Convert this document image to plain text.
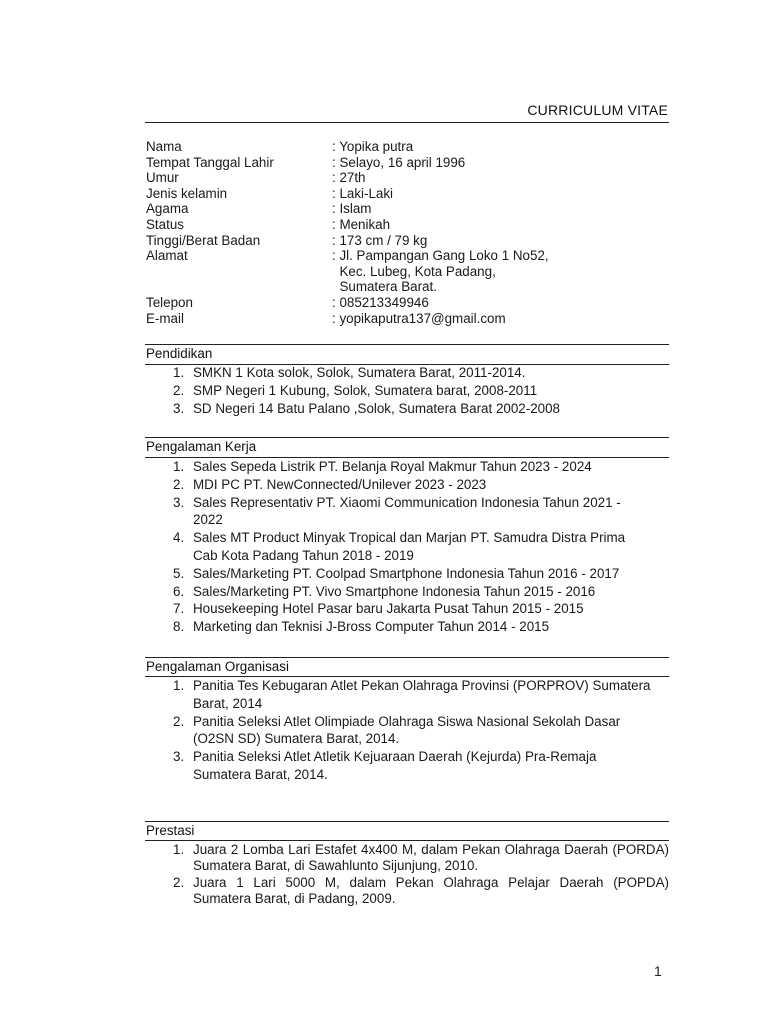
CURRICULUM VITAE
Nama	: Yopika putra
Tempat Tanggal Lahir	: Selayo, 16 april 1996
Umur	: 27th
Jenis kelamin	: Laki-Laki
Agama	: Islam
Status	: Menikah
Tinggi/Berat Badan	: 173 cm / 79 kg
Alamat	: Jl. Pampangan Gang Loko 1 No52,
Kec. Lubeg, Kota Padang,
Sumatera Barat.
Telepon	: 085213349946
E-mail	: yopikaputra137@gmail.com
Pendidikan
1. SMKN 1 Kota solok, Solok, Sumatera Barat, 2011-2014.
2. SMP Negeri 1 Kubung, Solok, Sumatera barat, 2008-2011
3. SD Negeri 14 Batu Palano ,Solok, Sumatera Barat 2002-2008
Pengalaman Kerja
1. Sales Sepeda Listrik PT. Belanja Royal Makmur Tahun 2023 - 2024
2. MDI PC PT. NewConnected/Unilever 2023 - 2023
3. Sales Representativ PT. Xiaomi Communication Indonesia Tahun 2021 - 2022
4. Sales MT Product Minyak Tropical dan Marjan PT. Samudra Distra Prima Cab Kota Padang Tahun 2018 - 2019
5. Sales/Marketing PT. Coolpad Smartphone Indonesia Tahun 2016 - 2017
6. Sales/Marketing PT. Vivo Smartphone Indonesia Tahun 2015 - 2016
7. Housekeeping Hotel Pasar baru Jakarta Pusat Tahun 2015 - 2015
8. Marketing dan Teknisi J-Bross Computer Tahun 2014 - 2015
Pengalaman Organisasi
1. Panitia Tes Kebugaran Atlet Pekan Olahraga Provinsi (PORPROV) Sumatera Barat, 2014
2. Panitia Seleksi Atlet Olimpiade Olahraga Siswa Nasional Sekolah Dasar (O2SN SD) Sumatera Barat, 2014.
3. Panitia Seleksi Atlet Atletik Kejuaraan Daerah (Kejurda) Pra-Remaja Sumatera Barat, 2014.
Prestasi
1. Juara 2 Lomba Lari Estafet 4x400 M, dalam Pekan Olahraga Daerah (PORDA) Sumatera Barat, di Sawahlunto Sijunjung, 2010.
2. Juara 1 Lari 5000 M, dalam Pekan Olahraga Pelajar Daerah (POPDA) Sumatera Barat, di Padang, 2009.
1
